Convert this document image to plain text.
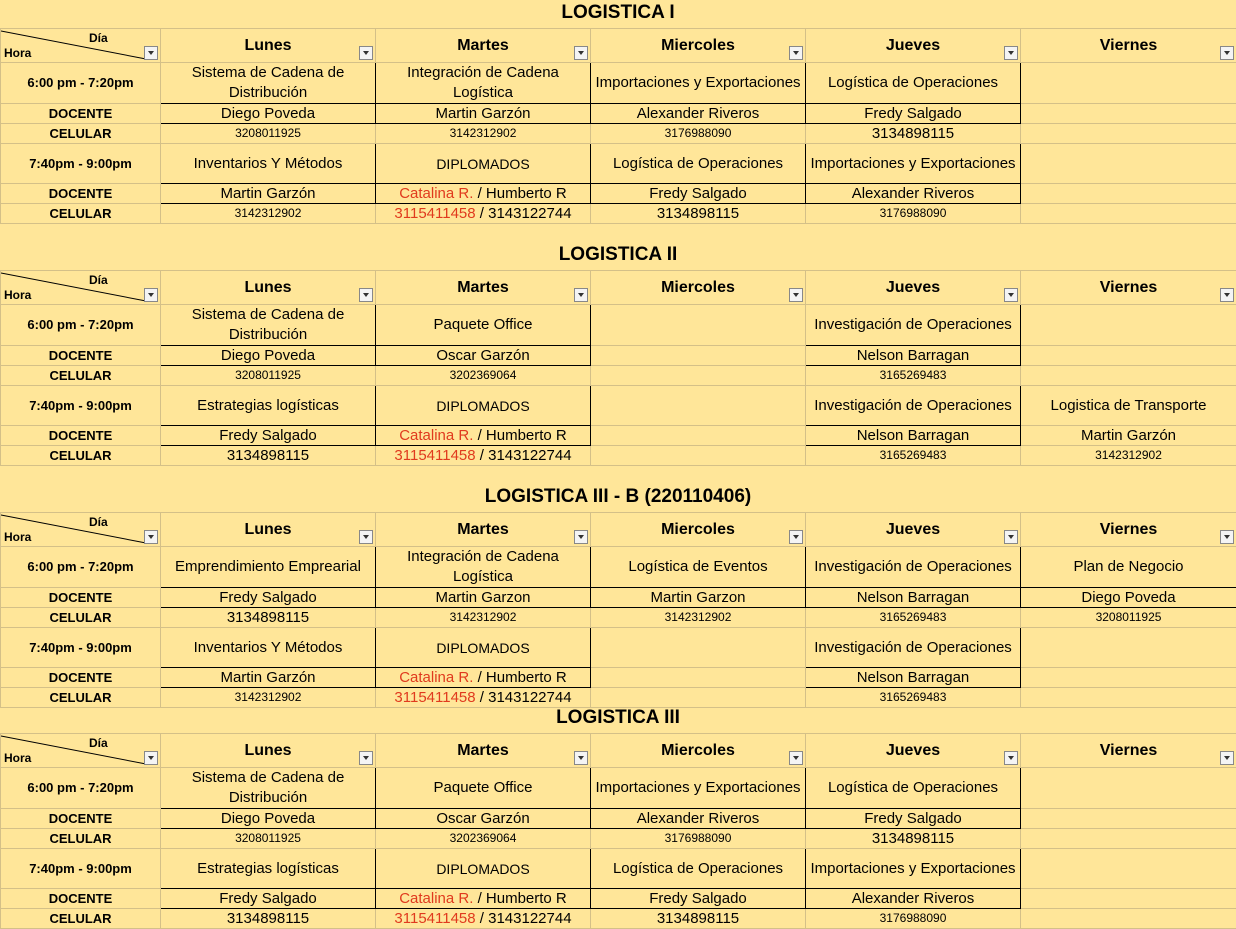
LOGISTICA I
Día
Hora	Lunes	Martes	Miercoles	Jueves	Viernes

6:00 pm - 7:20pm	Sistema de Cadena de Distribución	Integración de Cadena Logística	Importaciones y Exportaciones	Logística de Operaciones	
DOCENTE	Diego Poveda	Martin Garzón	Alexander Riveros	Fredy Salgado	
CELULAR	3208011925	3142312902	3176988090	3134898115	
7:40pm - 9:00pm	Inventarios Y Métodos	DIPLOMADOS	Logística de Operaciones	Importaciones y Exportaciones	
DOCENTE	Martin Garzón	Catalina R. / Humberto R	Fredy Salgado	Alexander Riveros	
CELULAR	3142312902	3115411458 / 3143122744	3134898115	3176988090	
LOGISTICA II
Día
Hora	Lunes	Martes	Miercoles	Jueves	Viernes

6:00 pm - 7:20pm	Sistema de Cadena de Distribución	Paquete Office		Investigación de Operaciones	
DOCENTE	Diego Poveda	Oscar Garzón		Nelson Barragan	
CELULAR	3208011925	3202369064		3165269483	
7:40pm - 9:00pm	Estrategias logísticas	DIPLOMADOS		Investigación de Operaciones	Logistica de Transporte
DOCENTE	Fredy Salgado	Catalina R. / Humberto R		Nelson Barragan	Martin Garzón
CELULAR	3134898115	3115411458 / 3143122744		3165269483	3142312902
LOGISTICA III - B (220110406)
Día
Hora	Lunes	Martes	Miercoles	Jueves	Viernes

6:00 pm - 7:20pm	Emprendimiento Emprearial	Integración de Cadena Logística	Logística de Eventos	Investigación de Operaciones	Plan de Negocio
DOCENTE	Fredy Salgado	Martin Garzon	Martin Garzon	Nelson Barragan	Diego Poveda
CELULAR	3134898115	3142312902	3142312902	3165269483	3208011925
7:40pm - 9:00pm	Inventarios Y Métodos	DIPLOMADOS		Investigación de Operaciones	
DOCENTE	Martin Garzón	Catalina R. / Humberto R		Nelson Barragan	
CELULAR	3142312902	3115411458 / 3143122744		3165269483	
LOGISTICA III
Día
Hora	Lunes	Martes	Miercoles	Jueves	Viernes

6:00 pm - 7:20pm	Sistema de Cadena de Distribución	Paquete Office	Importaciones y Exportaciones	Logística de Operaciones	
DOCENTE	Diego Poveda	Oscar Garzón	Alexander Riveros	Fredy Salgado	
CELULAR	3208011925	3202369064	3176988090	3134898115	
7:40pm - 9:00pm	Estrategias logísticas	DIPLOMADOS	Logística de Operaciones	Importaciones y Exportaciones	
DOCENTE	Fredy Salgado	Catalina R. / Humberto R	Fredy Salgado	Alexander Riveros	
CELULAR	3134898115	3115411458 / 3143122744	3134898115	3176988090	
